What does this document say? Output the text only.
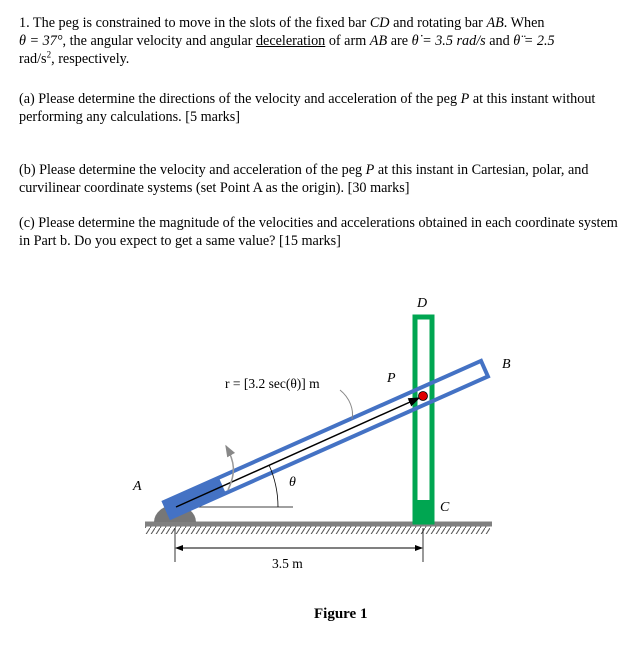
1. The peg is constrained to move in the slots of the fixed bar CD and rotating bar AB. When
θ = 37°, the angular velocity and angular deceleration of arm AB are θ̇ = 3.5 rad/s and θ̈ = 2.5
rad/$s^2$, respectively.
(a) Please determine the directions of the velocity and acceleration of the peg P at this instant without performing any calculations. [5 marks]
(b) Please determine the velocity and acceleration of the peg P at this instant in Cartesian, polar, and curvilinear coordinate systems (set Point A as the origin). [30 marks]
(c) Please determine the magnitude of the velocities and accelerations obtained in each coordinate system in Part b. Do you expect to get a same value? [15 marks]
A
B
C
D
P
θ
r = [3.2 sec(θ)] m
3.5 m
Figure 1
